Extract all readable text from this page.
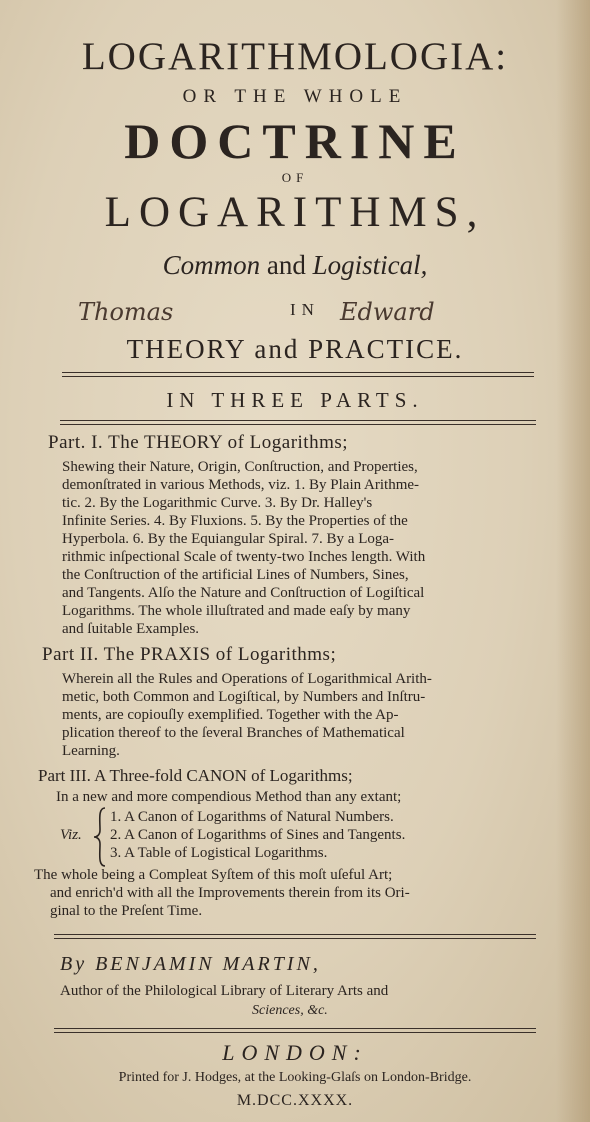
LOGARITHMOLOGIA:
OR THE WHOLE
DOCTRINE
OF
LOGARITHMS,
Common and Logistical,
Thomas	IN Edward
THEORY and PRACTICE.
IN THREE PARTS.
Part. I. The THEORY of Logarithms;
Shewing their Nature, Origin, Conſtruction, and Properties,
demonſtrated in various Methods, viz. 1. By Plain Arithme-
tic. 2. By the Logarithmic Curve. 3. By Dr. Halley's
Infinite Series. 4. By Fluxions. 5. By the Properties of the
Hyperbola. 6. By the Equiangular Spiral. 7. By a Loga-
rithmic inſpectional Scale of twenty-two Inches length. With
the Conſtruction of the artificial Lines of Numbers, Sines,
and Tangents. Alſo the Nature and Conſtruction of Logiſtical
Logarithms. The whole illuſtrated and made eaſy by many
and ſuitable Examples.
Part II. The PRAXIS of Logarithms;
Wherein all the Rules and Operations of Logarithmical Arith-
metic, both Common and Logiſtical, by Numbers and Inſtru-
ments, are copiouſly exemplified. Together with the Ap-
plication thereof to the ſeveral Branches of Mathematical
Learning.
Part III. A Three-fold CANON of Logarithms;
In a new and more compendious Method than any extant;
Viz.
1. A Canon of Logarithms of Natural Numbers.
2. A Canon of Logarithms of Sines and Tangents.
3. A Table of Logistical Logarithms.
The whole being a Compleat Syſtem of this moſt uſeful Art;
and enrich'd with all the Improvements therein from its Ori-
ginal to the Preſent Time.
By BENJAMIN MARTIN,
Author of the Philological Library of Literary Arts and
Sciences, &c.
LONDON:
Printed for J. Hodges, at the Looking-Glaſs on London-Bridge.
M.DCC.XXXX.
